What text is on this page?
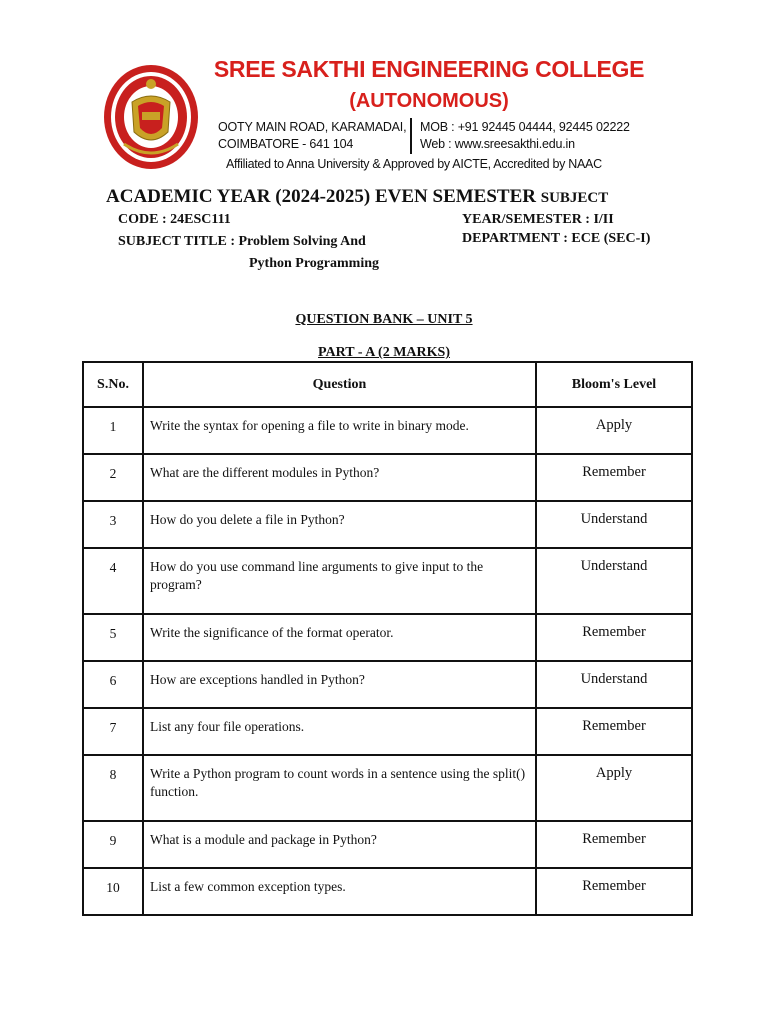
SREE SAKTHI ENGINEERING COLLEGE
(AUTONOMOUS)
OOTY MAIN ROAD, KARAMADAI,
COIMBATORE - 641 104
MOB : +91 92445 04444, 92445 02222
Web : www.sreesakthi.edu.in
Affiliated to Anna University & Approved by AICTE, Accredited by NAAC
ACADEMIC YEAR (2024-2025) EVEN SEMESTER SUBJECT
CODE : 24ESC111
SUBJECT TITLE : Problem Solving And
Python Programming
YEAR/SEMESTER : I/II
DEPARTMENT : ECE (SEC-I)
QUESTION BANK – UNIT 5
PART - A (2 MARKS)
S.No.	Question	Bloom's Level
1	Write the syntax for opening a file to write in binary mode.	Apply
2	What are the different modules in Python?	Remember
3	How do you delete a file in Python?	Understand
4	How do you use command line arguments to give input to the program?	Understand
5	Write the significance of the format operator.	Remember
6	How are exceptions handled in Python?	Understand
7	List any four file operations.	Remember
8	Write a Python program to count words in a sentence using the split() function.	Apply
9	What is a module and package in Python?	Remember
10	List a few common exception types.	Remember
